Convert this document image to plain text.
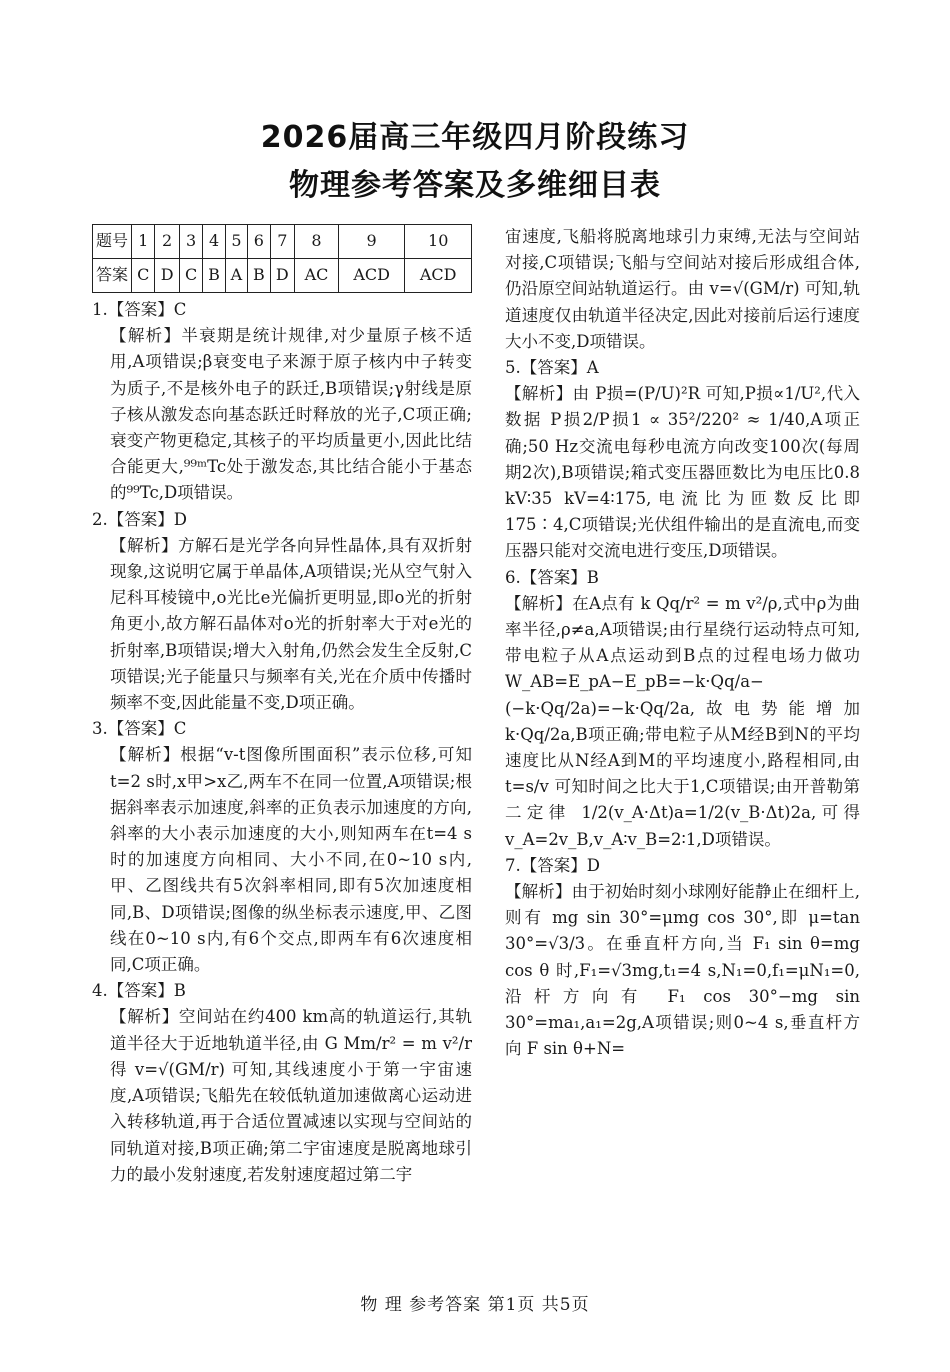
2026届高三年级四月阶段练习
物理参考答案及多维细目表
题号	1	2	3	4	5	6	7	8	9	10
答案	C	D	C	B	A	B	D	AC	ACD	ACD

1.【答案】C

【解析】半衰期是统计规律,对少量原子核不适用,A项错误;β衰变电子来源于原子核内中子转变为质子,不是核外电子的跃迁,B项错误;γ射线是原子核从激发态向基态跃迁时释放的光子,C项正确;衰变产物更稳定,其核子的平均质量更小,因此比结合能更大,⁹⁹ᵐTc处于激发态,其比结合能小于基态的⁹⁹Tc,D项错误。

2.【答案】D

【解析】方解石是光学各向异性晶体,具有双折射现象,这说明它属于单晶体,A项错误;光从空气射入尼科耳棱镜中,o光比e光偏折更明显,即o光的折射角更小,故方解石晶体对o光的折射率大于对e光的折射率,B项错误;增大入射角,仍然会发生全反射,C项错误;光子能量只与频率有关,光在介质中传播时频率不变,因此能量不变,D项正确。

3.【答案】C

【解析】根据“v-t图像所围面积”表示位移,可知t=2 s时,x甲>x乙,两车不在同一位置,A项错误;根据斜率表示加速度,斜率的正负表示加速度的方向,斜率的大小表示加速度的大小,则知两车在t=4 s时的加速度方向相同、大小不同,在0~10 s内,甲、乙图线共有5次斜率相同,即有5次加速度相同,B、D项错误;图像的纵坐标表示速度,甲、乙图线在0~10 s内,有6个交点,即两车有6次速度相同,C项正确。

4.【答案】B

【解析】空间站在约400 km高的轨道运行,其轨道半径大于近地轨道半径,由 G Mm/r² = m v²/r 得 v=√(GM/r) 可知,其线速度小于第一宇宙速度,A项错误;飞船先在较低轨道加速做离心运动进入转移轨道,再于合适位置减速以实现与空间站的同轨道对接,B项正确;第二宇宙速度是脱离地球引力的最小发射速度,若发射速度超过第二宇

宙速度,飞船将脱离地球引力束缚,无法与空间站对接,C项错误;飞船与空间站对接后形成组合体,仍沿原空间站轨道运行。由 v=√(GM/r) 可知,轨道速度仅由轨道半径决定,因此对接前后运行速度大小不变,D项错误。

5.【答案】A

【解析】由 P损=(P/U)²R 可知,P损∝1/U²,代入数据 P损2/P损1 ∝ 35²/220² ≈ 1/40,A项正确;50 Hz交流电每秒电流方向改变100次(每周期2次),B项错误;箱式变压器匝数比为电压比0.8 kV∶35 kV=4∶175,电流比为匝数反比即175∶4,C项错误;光伏组件输出的是直流电,而变压器只能对交流电进行变压,D项错误。

6.【答案】B

【解析】在A点有 k Qq/r² = m v²/ρ,式中ρ为曲率半径,ρ≠a,A项错误;由行星绕行运动特点可知,带电粒子从A点运动到B点的过程电场力做功 W_AB=E_pA−E_pB=−k·Qq/a−(−k·Qq/2a)=−k·Qq/2a,故电势能增加 k·Qq/2a,B项正确;带电粒子从M经B到N的平均速度比从N经A到M的平均速度小,路程相同,由 t=s/v 可知时间之比大于1,C项错误;由开普勒第二定律 1/2(v_A·Δt)a=1/2(v_B·Δt)2a,可得 v_A=2v_B,v_A∶v_B=2∶1,D项错误。

7.【答案】D

【解析】由于初始时刻小球刚好能静止在细杆上,则有 mg sin 30°=μmg cos 30°,即 μ=tan 30°=√3/3。在垂直杆方向,当 F₁ sin θ=mg cos θ 时,F₁=√3mg,t₁=4 s,N₁=0,f₁=μN₁=0,沿杆方向有 F₁ cos 30°−mg sin 30°=ma₁,a₁=2g,A项错误;则0~4 s,垂直杆方向 F sin θ+N=

物 理 参考答案 第1页 共5页
